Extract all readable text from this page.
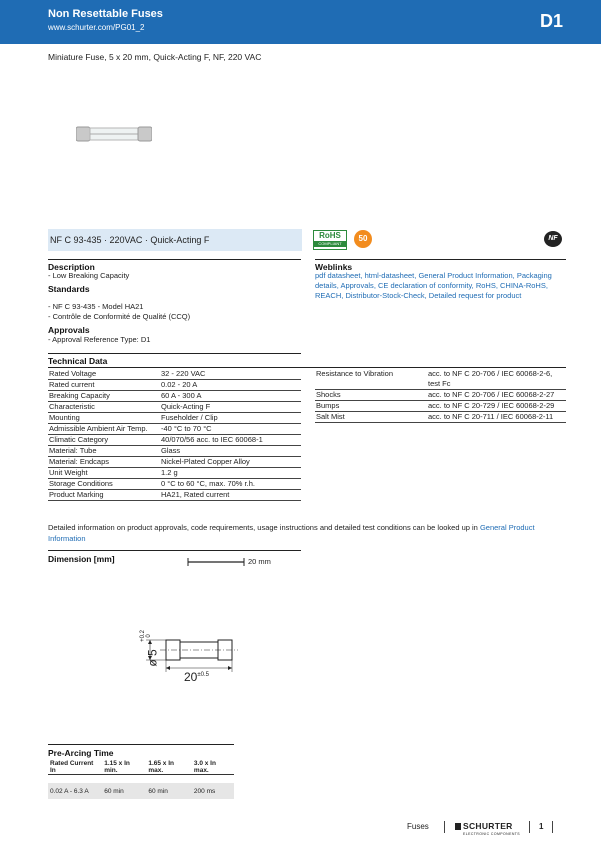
Non Resettable Fuses
www.schurter.com/PG01_2	D1
Miniature Fuse, 5 x 20 mm, Quick-Acting F, NF, 220 VAC
NF C 93-435 · 220VAC · Quick-Acting F	RoHS
COMPLIANT
50	NF
Description
- Low Breaking Capacity
Standards
- NF C 93-435 - Model HA21
- Contrôle de Conformité de Qualité (CCQ)
Approvals
- Approval Reference Type: D1
Weblinks
pdf datasheet, html-datasheet, General Product Information, Packaging details, Approvals, CE declaration of conformity, RoHS, CHINA-RoHS, REACH, Distributor-Stock-Check, Detailed request for product
Technical Data
Rated Voltage	32 - 220 VAC
Rated current	0.02 - 20 A
Breaking Capacity	60 A - 300 A
Characteristic	Quick-Acting F
Mounting	Fuseholder / Clip
Admissible Ambient Air Temp.	-40 °C to 70 °C
Climatic Category	40/070/56 acc. to IEC 60068-1
Material: Tube	Glass
Material: Endcaps	Nickel-Plated Copper Alloy
Unit Weight	1.2 g
Storage Conditions	0 °C to 60 °C, max. 70% r.h.
Product Marking	HA21, Rated current
Resistance to Vibration	acc. to NF C 20-706 / IEC 60068-2-6, test Fc
Shocks	acc. to NF C 20-706 / IEC 60068-2-27
Bumps	acc. to NF C 20-729 / IEC 60068-2-29
Salt Mist	acc. to NF C 20-711 / IEC 60068-2-11
Detailed information on product approvals, code requirements, usage instructions and detailed test conditions can be looked up in General Product Information
Dimension [mm]	20 mm
ø 5
+0.2 0
$20^{\pm 0.5}$
Pre-Arcing Time
Rated Current In	1.15 x In min.	1.65 x In max.	3.0 x In max.

0.02 A - 6.3 A	60 min	60 min	200 ms
Fuses	SCHURTER
ELECTRONIC COMPONENTS
1
